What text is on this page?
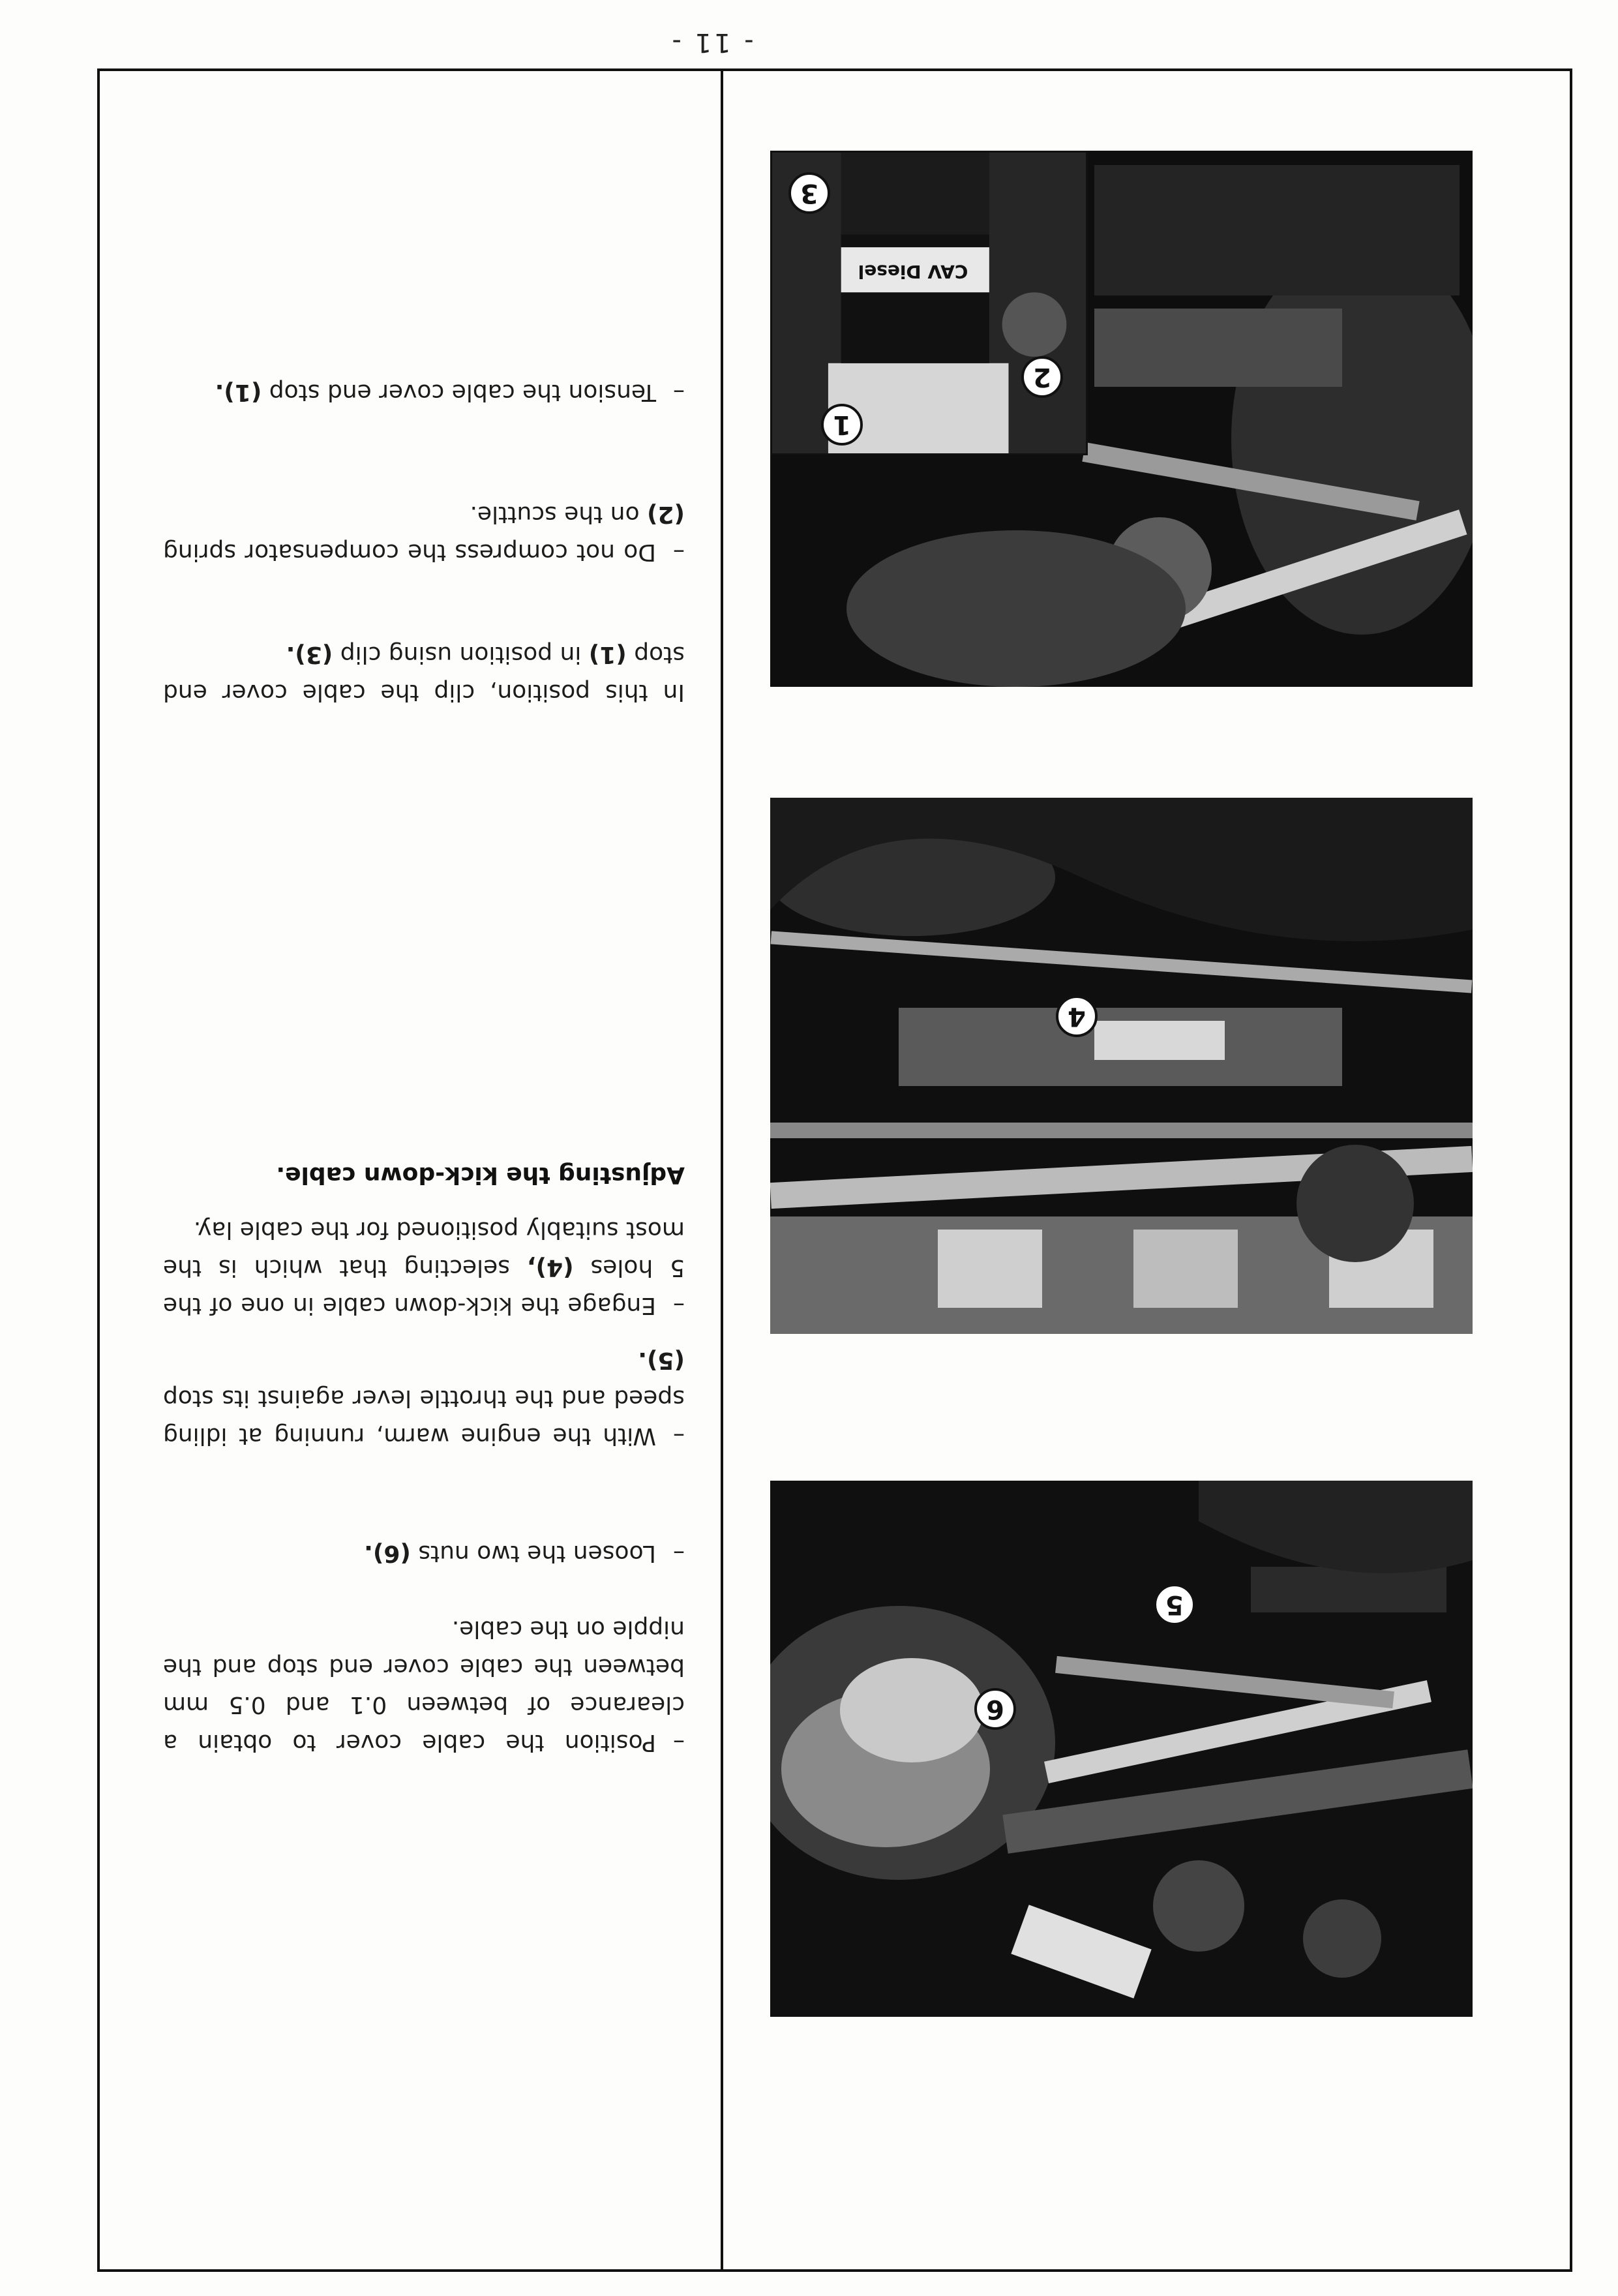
- 11 -
–Position the cable cover to obtain a clearance of between 0.1 and 0.5 mm between the cable cover end stop and the nipple on the cable.
–Loosen the two nuts (6).
–With the engine warm, running at idling speed and the throttle lever against its stop (5).
–Engage the kick-down cable in one of the 5 holes (4), selecting that which is the most suitably positioned for the cable lay.
Adjusting the kick-down cable.
In this position, clip the cable cover end stop (1) in position using clip (3).
–Do not compress the compensator spring (2) on the scuttle.
–Tension the cable cover end stop (1).
5
6
4
CAV Diesel
2
1
3
